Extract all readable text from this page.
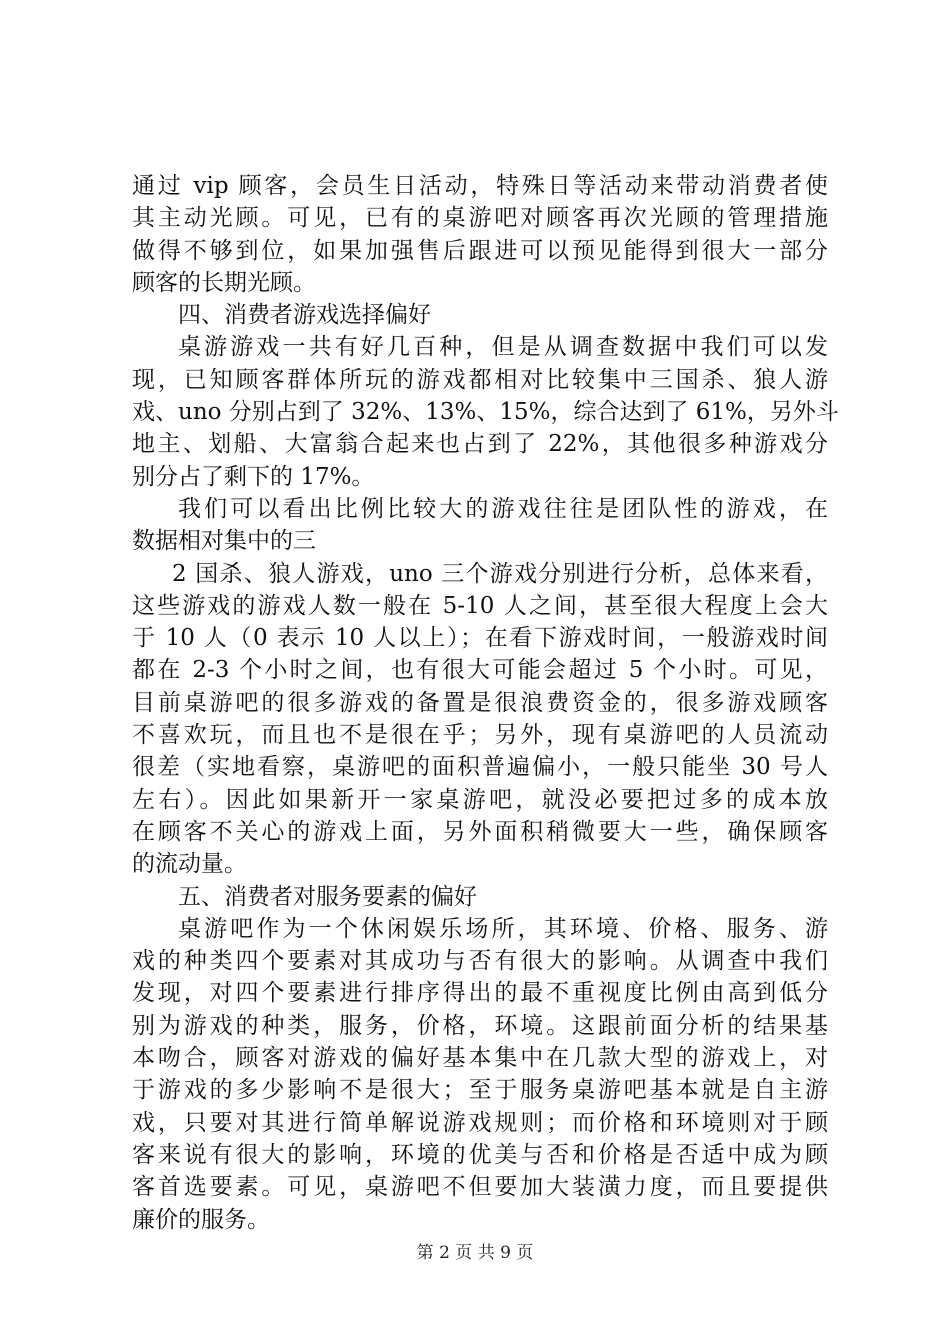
通过 vip 顾客，会员生日活动，特殊日等活动来带动消费者使
其主动光顾。可见，已有的桌游吧对顾客再次光顾的管理措施
做得不够到位，如果加强售后跟进可以预见能得到很大一部分
顾客的长期光顾。
四、消费者游戏选择偏好
桌游游戏一共有好几百种，但是从调查数据中我们可以发
现，已知顾客群体所玩的游戏都相对比较集中三国杀、狼人游
戏、uno 分别占到了 32%、13%、15%，综合达到了 61%，另外斗
地主、划船、大富翁合起来也占到了 22%，其他很多种游戏分
别分占了剩下的 17%。
我们可以看出比例比较大的游戏往往是团队性的游戏，在
数据相对集中的三
2 国杀、狼人游戏，uno 三个游戏分别进行分析，总体来看，
这些游戏的游戏人数一般在 5-10 人之间，甚至很大程度上会大
于 10 人（0 表示 10 人以上）；在看下游戏时间，一般游戏时间
都在 2-3 个小时之间，也有很大可能会超过 5 个小时。可见，
目前桌游吧的很多游戏的备置是很浪费资金的，很多游戏顾客
不喜欢玩，而且也不是很在乎；另外，现有桌游吧的人员流动
很差（实地看察，桌游吧的面积普遍偏小，一般只能坐 30 号人
左右）。因此如果新开一家桌游吧，就没必要把过多的成本放
在顾客不关心的游戏上面，另外面积稍微要大一些，确保顾客
的流动量。
五、消费者对服务要素的偏好
桌游吧作为一个休闲娱乐场所，其环境、价格、服务、游
戏的种类四个要素对其成功与否有很大的影响。从调查中我们
发现，对四个要素进行排序得出的最不重视度比例由高到低分
别为游戏的种类，服务，价格，环境。这跟前面分析的结果基
本吻合，顾客对游戏的偏好基本集中在几款大型的游戏上，对
于游戏的多少影响不是很大；至于服务桌游吧基本就是自主游
戏，只要对其进行简单解说游戏规则；而价格和环境则对于顾
客来说有很大的影响，环境的优美与否和价格是否适中成为顾
客首选要素。可见，桌游吧不但要加大装潢力度，而且要提供
廉价的服务。
第 2 页 共 9 页
